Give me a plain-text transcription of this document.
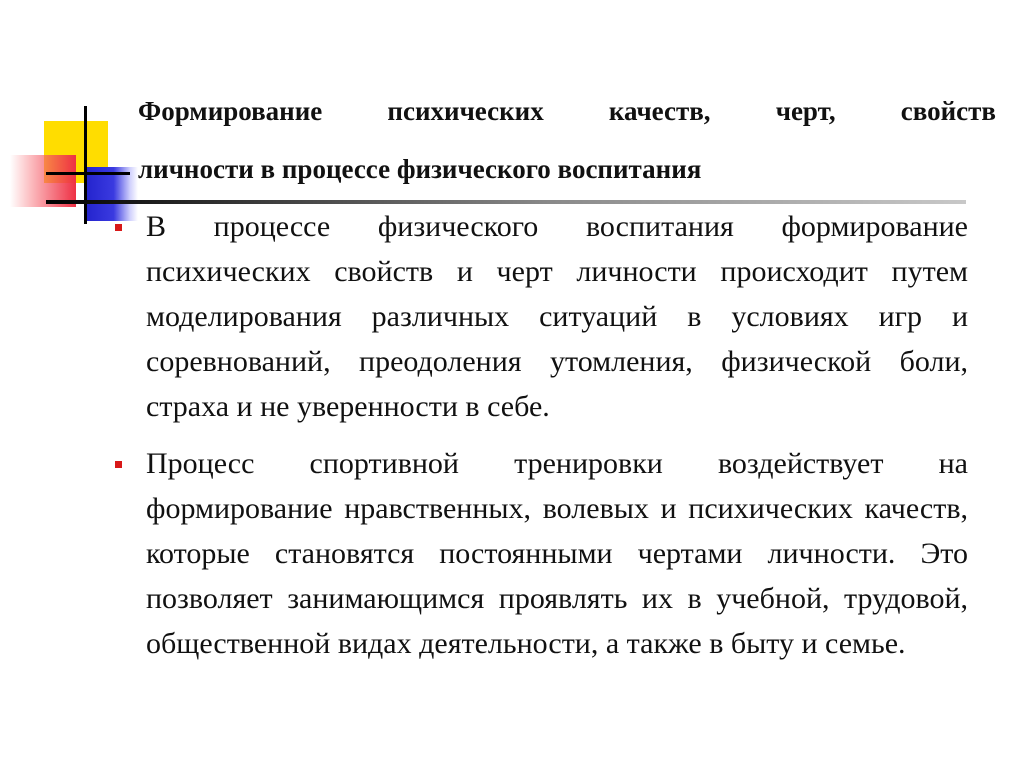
Формирование психических качеств, черт, свойств
личности в процессе физического воспитания
В процессе физического воспитания формирование психических свойств и черт личности происходит путем моделирования различных ситуаций в условиях игр и соревнований, преодоления утомления, физической боли, страха и не уверенности в себе.
Процесс спортивной тренировки воздействует на формирование нравственных, волевых и психических качеств, которые становятся постоянными чертами личности. Это позволяет занимающимся проявлять их в учебной, трудовой, общественной видах деятельности, а также в быту и семье.
